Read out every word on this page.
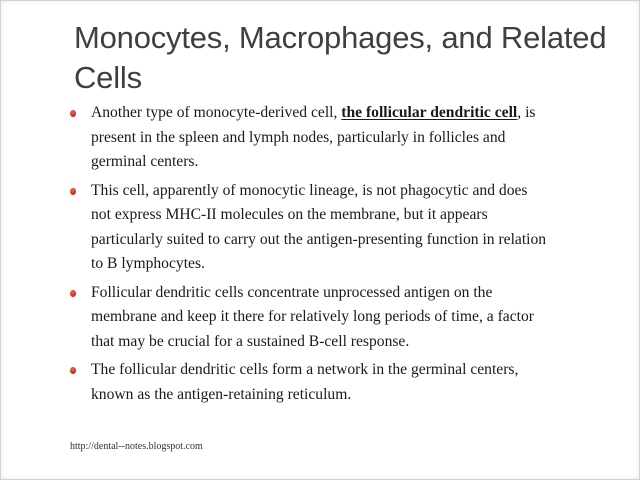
Monocytes, Macrophages, and Related Cells
Another type of monocyte-derived cell, the follicular dendritic cell, is present in the spleen and lymph nodes, particularly in follicles and germinal centers.
This cell, apparently of monocytic lineage, is not phagocytic and does not express MHC-II molecules on the membrane, but it appears particularly suited to carry out the antigen-presenting function in relation to B lymphocytes.
Follicular dendritic cells concentrate unprocessed antigen on the membrane and keep it there for relatively long periods of time, a factor that may be crucial for a sustained B-cell response.
The follicular dendritic cells form a network in the germinal centers, known as the antigen-retaining reticulum.
http://dental--notes.blogspot.com
